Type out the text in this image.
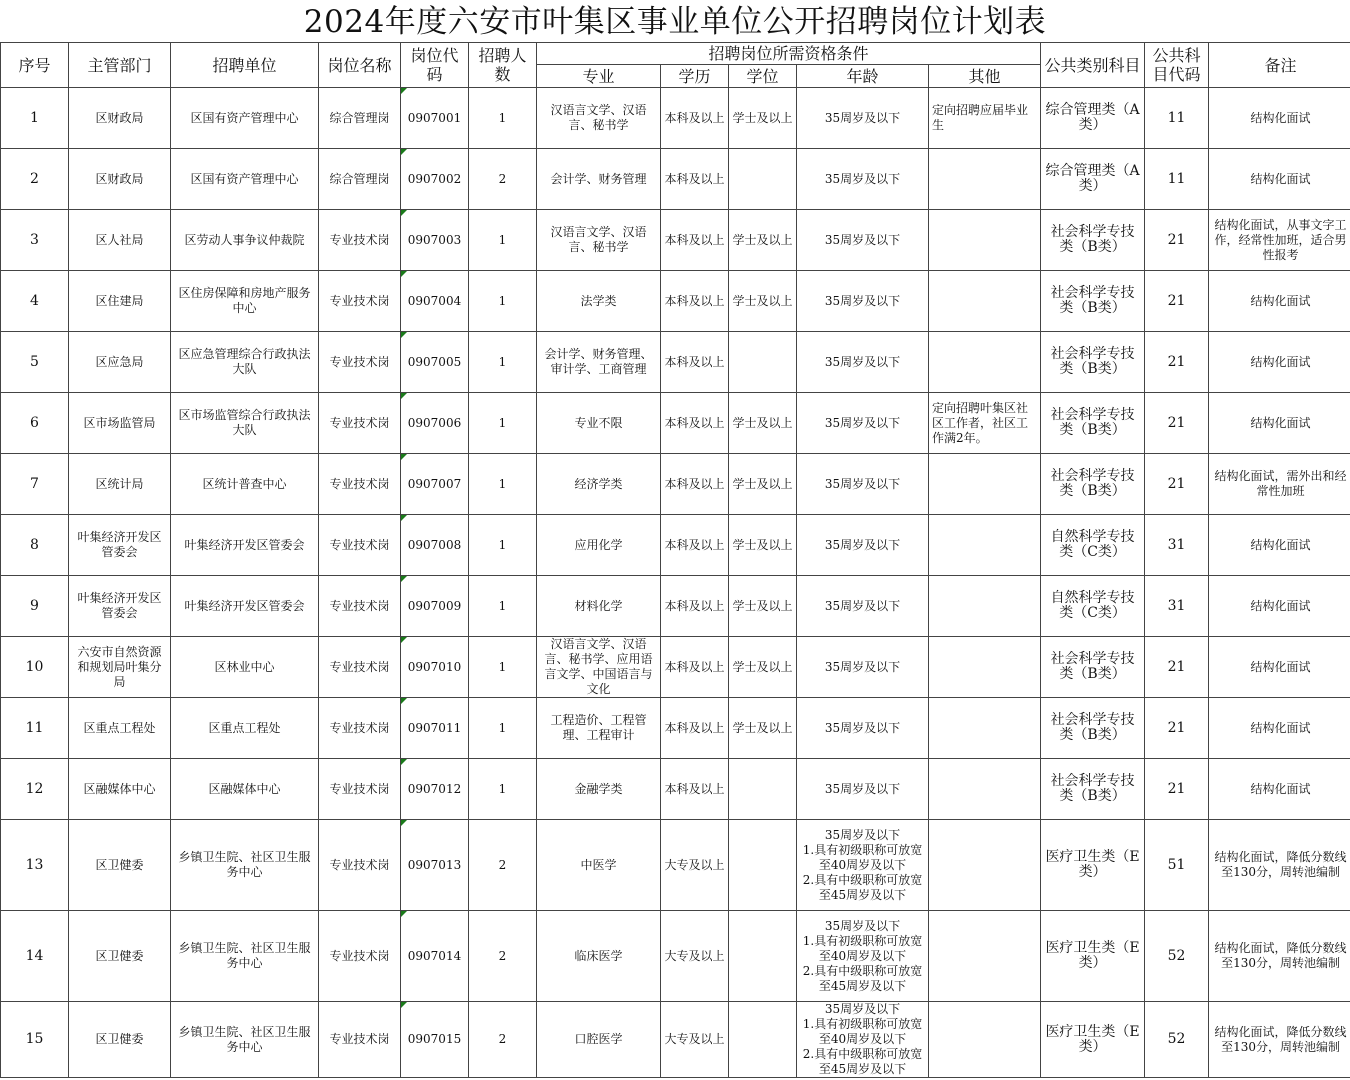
2024年度六安市叶集区事业单位公开招聘岗位计划表
序号	主管部门	招聘单位	岗位名称	岗位代码	招聘人数	招聘岗位所需资格条件					公共类别科目	公共科目代码	备注
						专业	学历	学位	年龄	其他			
1	区财政局	区国有资产管理中心	综合管理岗	0907001	1	汉语言文学、汉语言、秘书学	本科及以上	学士及以上	35周岁及以下	定向招聘应届毕业生	综合管理类（A类）	11	结构化面试
2	区财政局	区国有资产管理中心	综合管理岗	0907002	2	会计学、财务管理	本科及以上		35周岁及以下		综合管理类（A类）	11	结构化面试
3	区人社局	区劳动人事争议仲裁院	专业技术岗	0907003	1	汉语言文学、汉语言、秘书学	本科及以上	学士及以上	35周岁及以下		社会科学专技类（B类）	21	结构化面试，从事文字工作，经常性加班，适合男性报考
4	区住建局	区住房保障和房地产服务中心	专业技术岗	0907004	1	法学类	本科及以上	学士及以上	35周岁及以下		社会科学专技类（B类）	21	结构化面试
5	区应急局	区应急管理综合行政执法大队	专业技术岗	0907005	1	会计学、财务管理、审计学、工商管理	本科及以上		35周岁及以下		社会科学专技类（B类）	21	结构化面试
6	区市场监管局	区市场监管综合行政执法大队	专业技术岗	0907006	1	专业不限	本科及以上	学士及以上	35周岁及以下	定向招聘叶集区社区工作者，社区工作满2年。	社会科学专技类（B类）	21	结构化面试
7	区统计局	区统计普查中心	专业技术岗	0907007	1	经济学类	本科及以上	学士及以上	35周岁及以下		社会科学专技类（B类）	21	结构化面试，需外出和经常性加班
8	叶集经济开发区管委会	叶集经济开发区管委会	专业技术岗	0907008	1	应用化学	本科及以上	学士及以上	35周岁及以下		自然科学专技类（C类）	31	结构化面试
9	叶集经济开发区管委会	叶集经济开发区管委会	专业技术岗	0907009	1	材料化学	本科及以上	学士及以上	35周岁及以下		自然科学专技类（C类）	31	结构化面试
10	六安市自然资源和规划局叶集分局	区林业中心	专业技术岗	0907010	1	汉语言文学、汉语言、秘书学、应用语言文学、中国语言与文化	本科及以上	学士及以上	35周岁及以下		社会科学专技类（B类）	21	结构化面试
11	区重点工程处	区重点工程处	专业技术岗	0907011	1	工程造价、工程管理、工程审计	本科及以上	学士及以上	35周岁及以下		社会科学专技类（B类）	21	结构化面试
12	区融媒体中心	区融媒体中心	专业技术岗	0907012	1	金融学类	本科及以上		35周岁及以下		社会科学专技类（B类）	21	结构化面试
13	区卫健委	乡镇卫生院、社区卫生服务中心	专业技术岗	0907013	2	中医学	大专及以上		35周岁及以下
1.具有初级职称可放宽至40周岁及以下
2.具有中级职称可放宽至45周岁及以下		医疗卫生类（E类）	51	结构化面试，降低分数线至130分，周转池编制
14	区卫健委	乡镇卫生院、社区卫生服务中心	专业技术岗	0907014	2	临床医学	大专及以上		35周岁及以下
1.具有初级职称可放宽至40周岁及以下
2.具有中级职称可放宽至45周岁及以下		医疗卫生类（E类）	52	结构化面试，降低分数线至130分，周转池编制
15	区卫健委	乡镇卫生院、社区卫生服务中心	专业技术岗	0907015	2	口腔医学	大专及以上		35周岁及以下
1.具有初级职称可放宽至40周岁及以下
2.具有中级职称可放宽至45周岁及以下		医疗卫生类（E类）	52	结构化面试，降低分数线至130分，周转池编制
